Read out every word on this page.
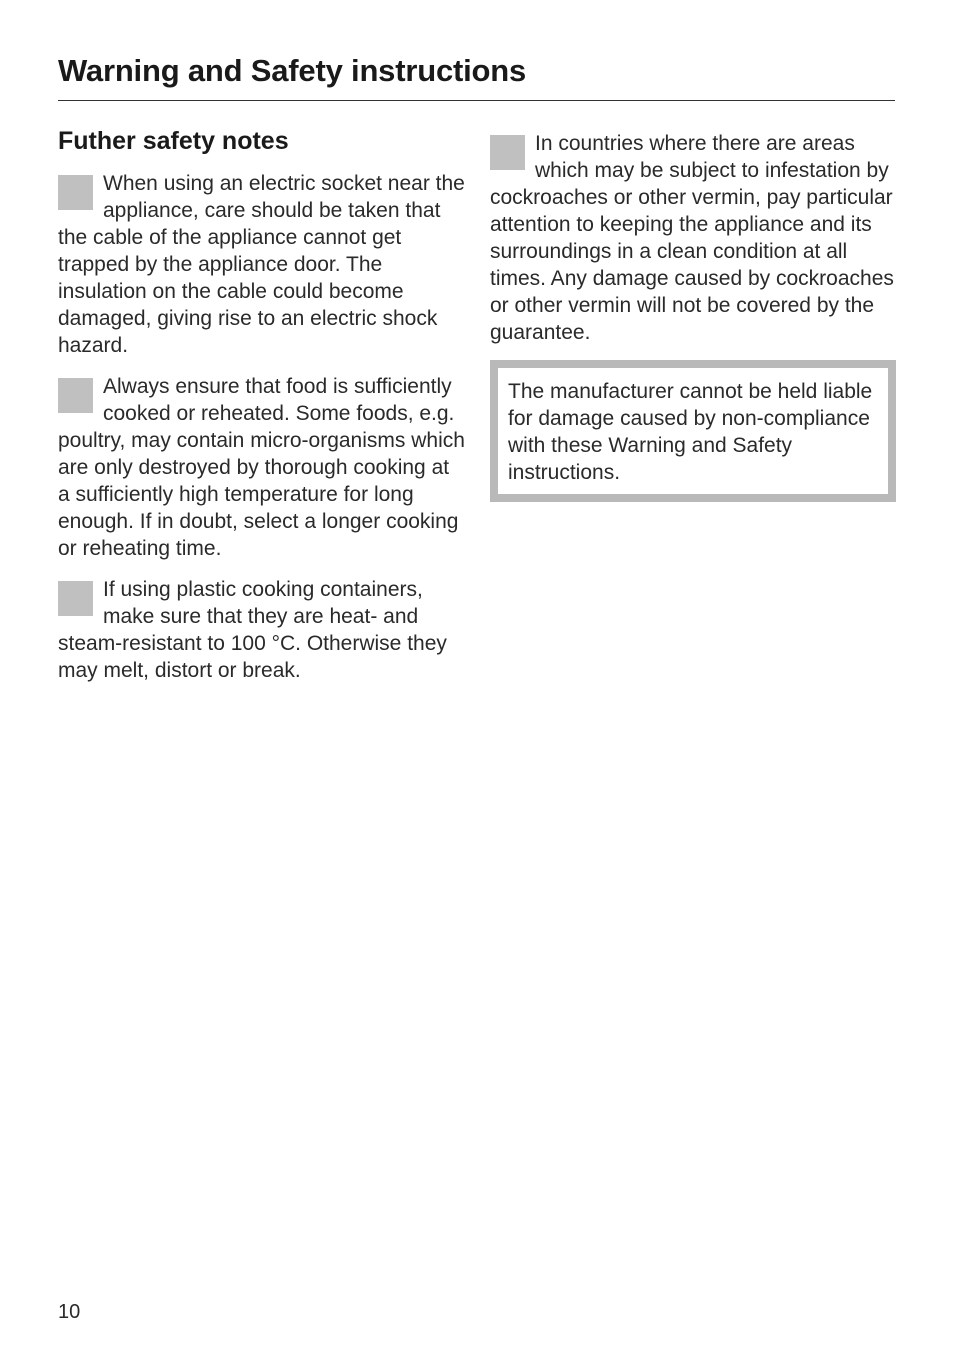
Warning and Safety instructions
Futher safety notes
When using an electric socket near the appliance, care should be taken that the cable of the appliance cannot get trapped by the appliance door. The insulation on the cable could become damaged, giving rise to an electric shock hazard.
Always ensure that food is sufficiently cooked or reheated. Some foods, e.g. poultry, may contain micro-organisms which are only destroyed by thorough cooking at a sufficiently high temperature for long enough. If in doubt, select a longer cooking or reheating time.
If using plastic cooking containers, make sure that they are heat- and steam-resistant to 100 °C. Otherwise they may melt, distort or break.
In countries where there are areas which may be subject to infestation by cockroaches or other vermin, pay particular attention to keeping the appliance and its surroundings in a clean condition at all times. Any damage caused by cockroaches or other vermin will not be covered by the guarantee.
The manufacturer cannot be held liable for damage caused by non-compliance with these Warning and Safety instructions.
10
